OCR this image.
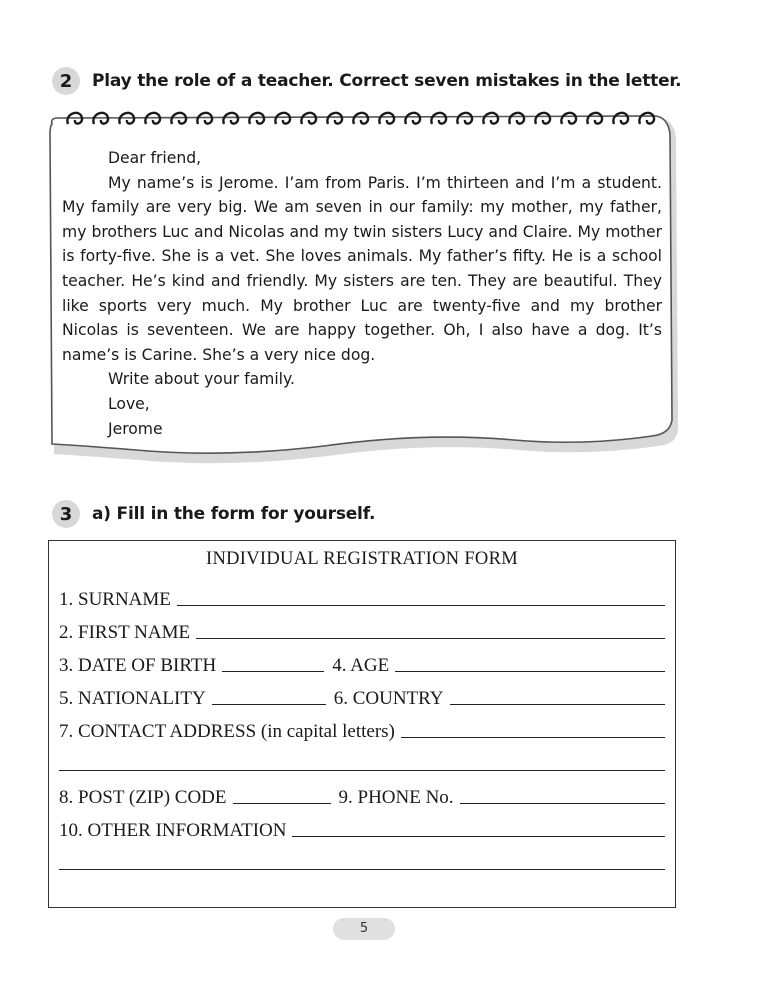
2	Play the role of a teacher. Correct seven mistakes in the letter.

Dear friend,

My name’s is Jerome. I’am from Paris. I’m thirteen and I’m a student. My family are very big. We am seven in our family: my mother, my father, my brothers Luc and Nicolas and my twin sisters Lucy and Claire. My mother is forty-five. She is a vet. She loves animals. My father’s fifty. He is a school teacher. He’s kind and friendly. My sisters are ten. They are beautiful. They like sports very much. My brother Luc are twenty-five and my brother Nicolas is seventeen. We are happy together. Oh, I also have a dog. It’s name’s is Carine. She’s a very nice dog.

Write about your family.

Love,

Jerome

3	a) Fill in the form for yourself.
INDIVIDUAL REGISTRATION FORM
1. SURNAME
2. FIRST NAME
3. DATE OF BIRTH	4. AGE
5. NATIONALITY	6. COUNTRY
7. CONTACT ADDRESS (in capital letters)
8. POST (ZIP) CODE	9. PHONE No.
10. OTHER INFORMATION
5
